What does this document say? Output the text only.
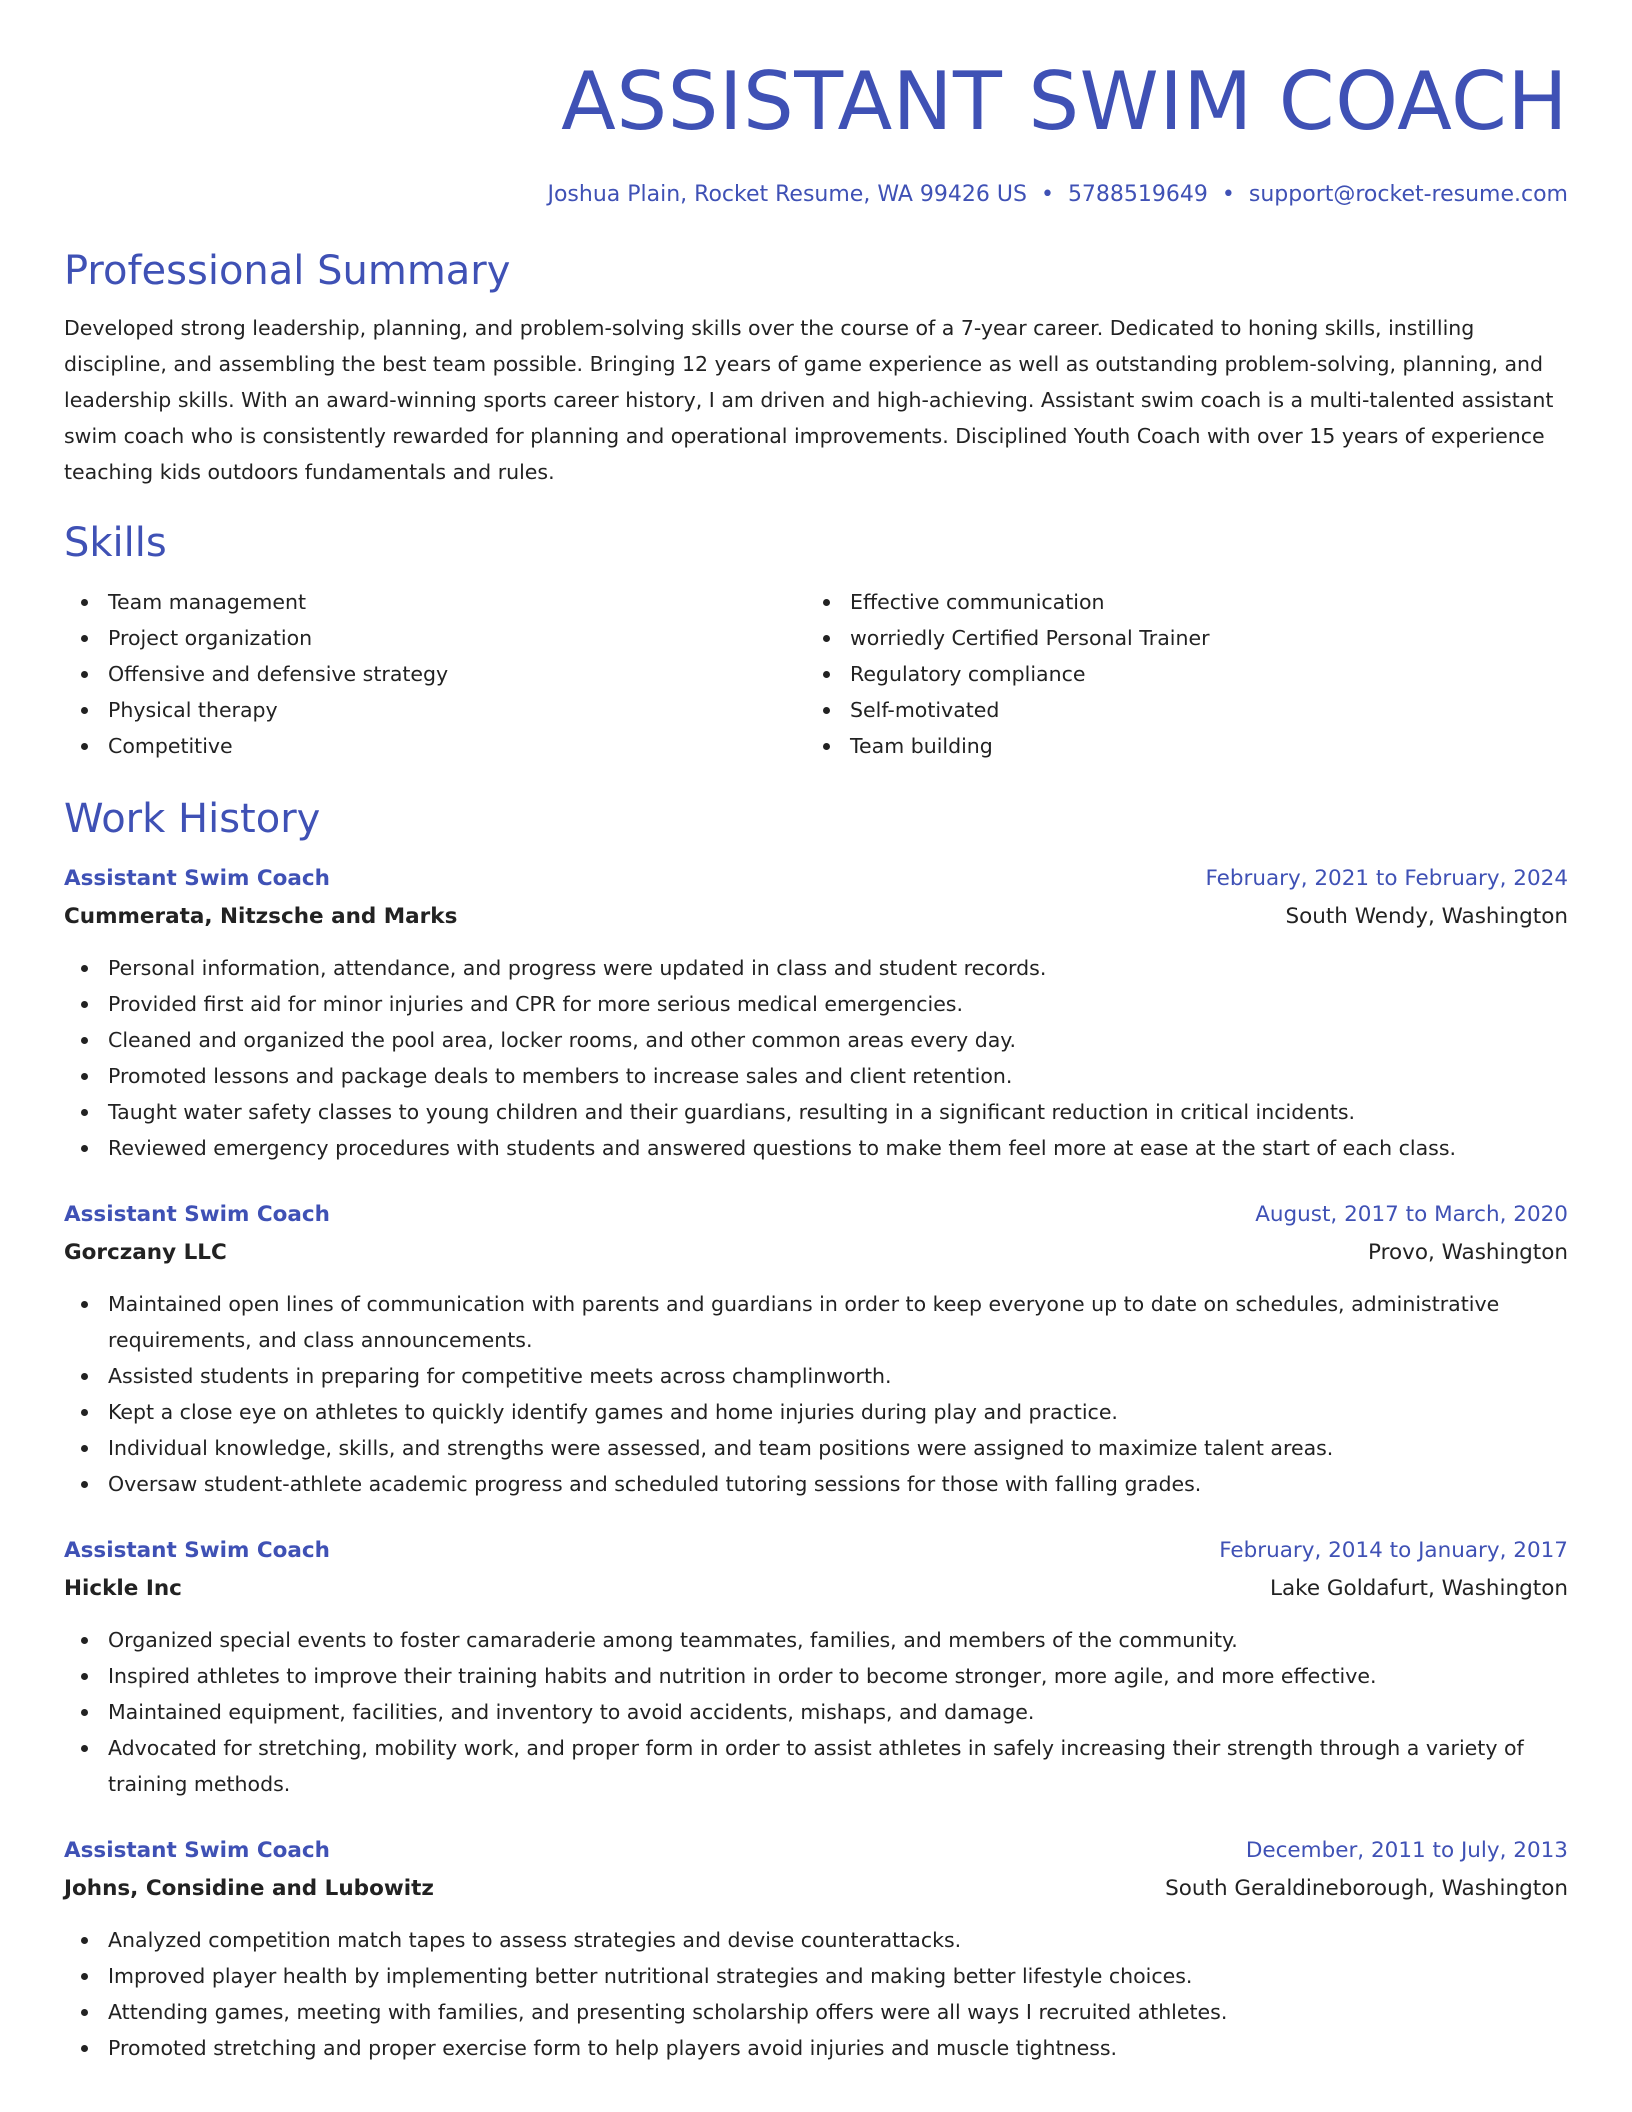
ASSISTANT SWIM COACH
Joshua Plain, Rocket Resume, WA 99426 US • 5788519649 • support@rocket-resume.com
Professional Summary

Developed strong leadership, planning, and problem-solving skills over the course of a 7-year career. Dedicated to honing skills, instilling discipline, and assembling the best team possible. Bringing 12 years of game experience as well as outstanding problem-solving, planning, and leadership skills. With an award-winning sports career history, I am driven and high-achieving. Assistant swim coach is a multi-talented assistant swim coach who is consistently rewarded for planning and operational improvements. Disciplined Youth Coach with over 15 years of experience teaching kids outdoors fundamentals and rules.

Skills
Team management
Project organization
Offensive and defensive strategy
Physical therapy
Competitive
Effective communication
worriedly Certified Personal Trainer
Regulatory compliance
Self-motivated
Team building
Work History
Assistant Swim Coach	February, 2021 to February, 2024
Cummerata, Nitzsche and Marks	South Wendy, Washington
Personal information, attendance, and progress were updated in class and student records.
Provided first aid for minor injuries and CPR for more serious medical emergencies.
Cleaned and organized the pool area, locker rooms, and other common areas every day.
Promoted lessons and package deals to members to increase sales and client retention.
Taught water safety classes to young children and their guardians, resulting in a significant reduction in critical incidents.
Reviewed emergency procedures with students and answered questions to make them feel more at ease at the start of each class.
Assistant Swim Coach	August, 2017 to March, 2020
Gorczany LLC	Provo, Washington
Maintained open lines of communication with parents and guardians in order to keep everyone up to date on schedules, administrative requirements, and class announcements.
Assisted students in preparing for competitive meets across champlinworth.
Kept a close eye on athletes to quickly identify games and home injuries during play and practice.
Individual knowledge, skills, and strengths were assessed, and team positions were assigned to maximize talent areas.
Oversaw student-athlete academic progress and scheduled tutoring sessions for those with falling grades.
Assistant Swim Coach	February, 2014 to January, 2017
Hickle Inc	Lake Goldafurt, Washington
Organized special events to foster camaraderie among teammates, families, and members of the community.
Inspired athletes to improve their training habits and nutrition in order to become stronger, more agile, and more effective.
Maintained equipment, facilities, and inventory to avoid accidents, mishaps, and damage.
Advocated for stretching, mobility work, and proper form in order to assist athletes in safely increasing their strength through a variety of training methods.
Assistant Swim Coach	December, 2011 to July, 2013
Johns, Considine and Lubowitz	South Geraldineborough, Washington
Analyzed competition match tapes to assess strategies and devise counterattacks.
Improved player health by implementing better nutritional strategies and making better lifestyle choices.
Attending games, meeting with families, and presenting scholarship offers were all ways I recruited athletes.
Promoted stretching and proper exercise form to help players avoid injuries and muscle tightness.
